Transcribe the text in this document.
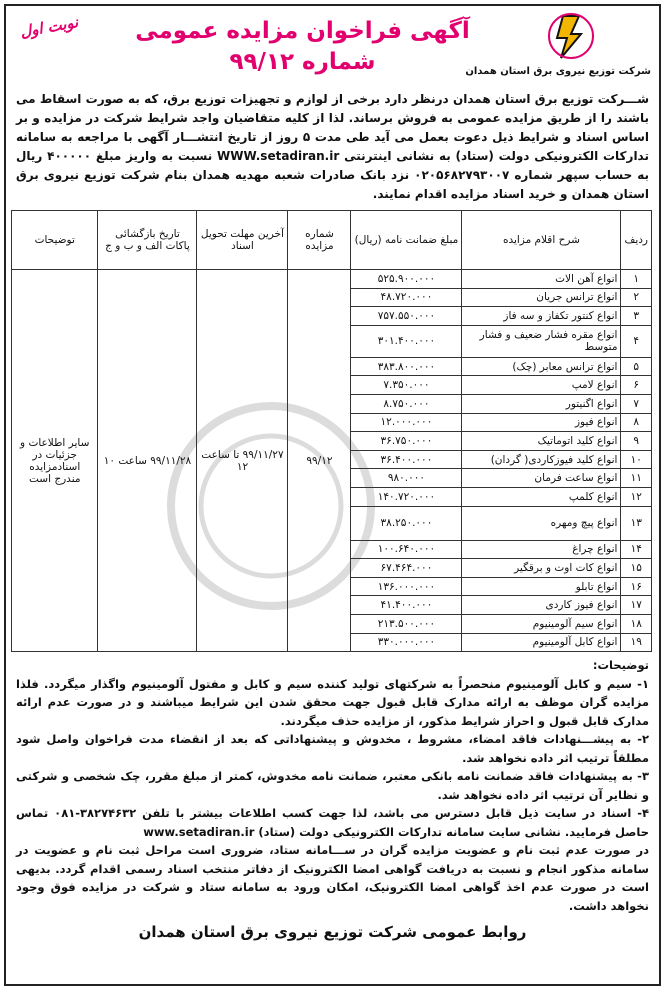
شرکت توزیع نیروی برق استان همدان
آگهی فراخوان مزایده عمومی
شماره ۹۹/۱۲
نوبت اول
شـــرکت توزیع برق استان همدان درنظر دارد برخی از لوازم و تجهیزات توزیع برق، که به صورت اسقاط می باشند را از طریق مزایده عمومی به فروش برساند. لذا از کلیه متقاضیان واجد شرایط شرکت در مزایده و بر اساس اسناد و شرایط ذیل دعوت بعمل می آید طی مدت ۵ روز از تاریخ انتشـــار آگهی با مراجعه به سامانه تدارکات الکترونیکی دولت (ستاد) به نشانی اینترنتی WWW.setadiran.ir نسبت به واریز مبلغ ۴۰۰۰۰۰ ریال به حساب سپهر شماره ۰۲۰۵۶۸۲۷۹۳۰۰۷ نزد بانک صادرات شعبه مهدیه همدان بنام شرکت توزیع نیروی برق استان همدان و خرید اسناد مزایده اقدام نمایند.
ردیف	شرح اقلام مزایده	مبلغ ضمانت نامه (ریال)	شماره مزایده	آخرین مهلت تحویل اسناد	تاریخ بازگشائی پاکات الف و ب و ج	توضیحات
۱	انواع آهن الات	۵۲۵.۹۰۰.۰۰۰	۹۹/۱۲	۹۹/۱۱/۲۷ تا ساعت ۱۲	۹۹/۱۱/۲۸ ساعت ۱۰	سایر اطلاعات و جزئیات در اسنادمزایده مندرج است
۲	انواع ترانس جریان	۴۸.۷۲۰.۰۰۰				
۳	انواع کنتور تکفاز و سه فاز	۷۵۷.۵۵۰.۰۰۰				
۴	انواع مقره فشار ضعیف و فشار متوسط	۳۰۱.۴۰۰.۰۰۰				
۵	انواع ترانس معابر (چک)	۳۸۳.۸۰۰.۰۰۰				
۶	انواع لامپ	۷.۳۵۰.۰۰۰				
۷	انواع اگنیتور	۸.۷۵۰.۰۰۰				
۸	انواع فیوز	۱۲.۰۰۰.۰۰۰				
۹	انواع کلید اتوماتیک	۳۶.۷۵۰.۰۰۰				
۱۰	انواع کلید فیوزکاردی( گردان)	۳۶.۴۰۰.۰۰۰				
۱۱	انواع ساعت فرمان	۹۸۰.۰۰۰				
۱۲	انواع کلمپ	۱۴۰.۷۲۰.۰۰۰				
۱۳	انواع پیچ ومهره	۳۸.۲۵۰.۰۰۰				
۱۴	انواع چراغ	۱۰۰.۶۴۰.۰۰۰				
۱۵	انواع کات اوت و برقگیر	۶۷.۴۶۴.۰۰۰				
۱۶	انواع تابلو	۱۳۶.۰۰۰.۰۰۰				
۱۷	انواع فیوز کاردی	۴۱.۴۰۰.۰۰۰				
۱۸	انواع سیم آلومینیوم	۲۱۳.۵۰۰.۰۰۰				
۱۹	انواع کابل آلومینیوم	۳۳۰.۰۰۰.۰۰۰				

توضیحات:

۱- سیم و کابل آلومینیوم منحصراً به شرکتهای تولید کننده سیم و کابل و مفتول آلومینیوم واگذار میگردد. فلذا مزایده گران موظف به ارائه مدارک قابل قبول جهت محقق شدن این شرایط میباشند و در صورت عدم ارائه مدارک قابل قبول و احراز شرایط مذکور، از مزایده حذف میگردند.

۲- به پیشـــنهادات فاقد امضاء، مشروط ، مخدوش و پیشنهاداتی که بعد از انقضاء مدت فراخوان واصل شود مطلقاً ترتیب اثر داده نخواهد شد.

۳- به پیشنهادات فاقد ضمانت نامه بانکی معتبر، ضمانت نامه مخدوش، کمتر از مبلغ مقرر، چک شخصی و شرکتی و نظایر آن ترتیب اثر داده نخواهد شد.

۴- اسناد در سایت ذیل قابل دسترس می باشد، لذا جهت کسب اطلاعات بیشتر با تلفن ۳۸۲۷۴۶۳۲-۰۸۱ تماس حاصل فرمایید. نشانی سایت سامانه تدارکات الکترونیکی دولت (ستاد) www.setadiran.ir

در صورت عدم ثبت نام و عضویت مزایده گران در ســـامانه ستاد، ضروری است مراحل ثبت نام و عضویت در سامانه مذکور انجام و نسبت به دریافت گواهی امضا الکترونیک از دفاتر منتخب اسناد رسمی اقدام گردد. بدیهی است در صورت عدم اخذ گواهی امضا الکترونیک، امکان ورود به سامانه ستاد و شرکت در مزایده فوق وجود نخواهد داشت.

روابط عمومی شرکت توزیع نیروی برق استان همدان
